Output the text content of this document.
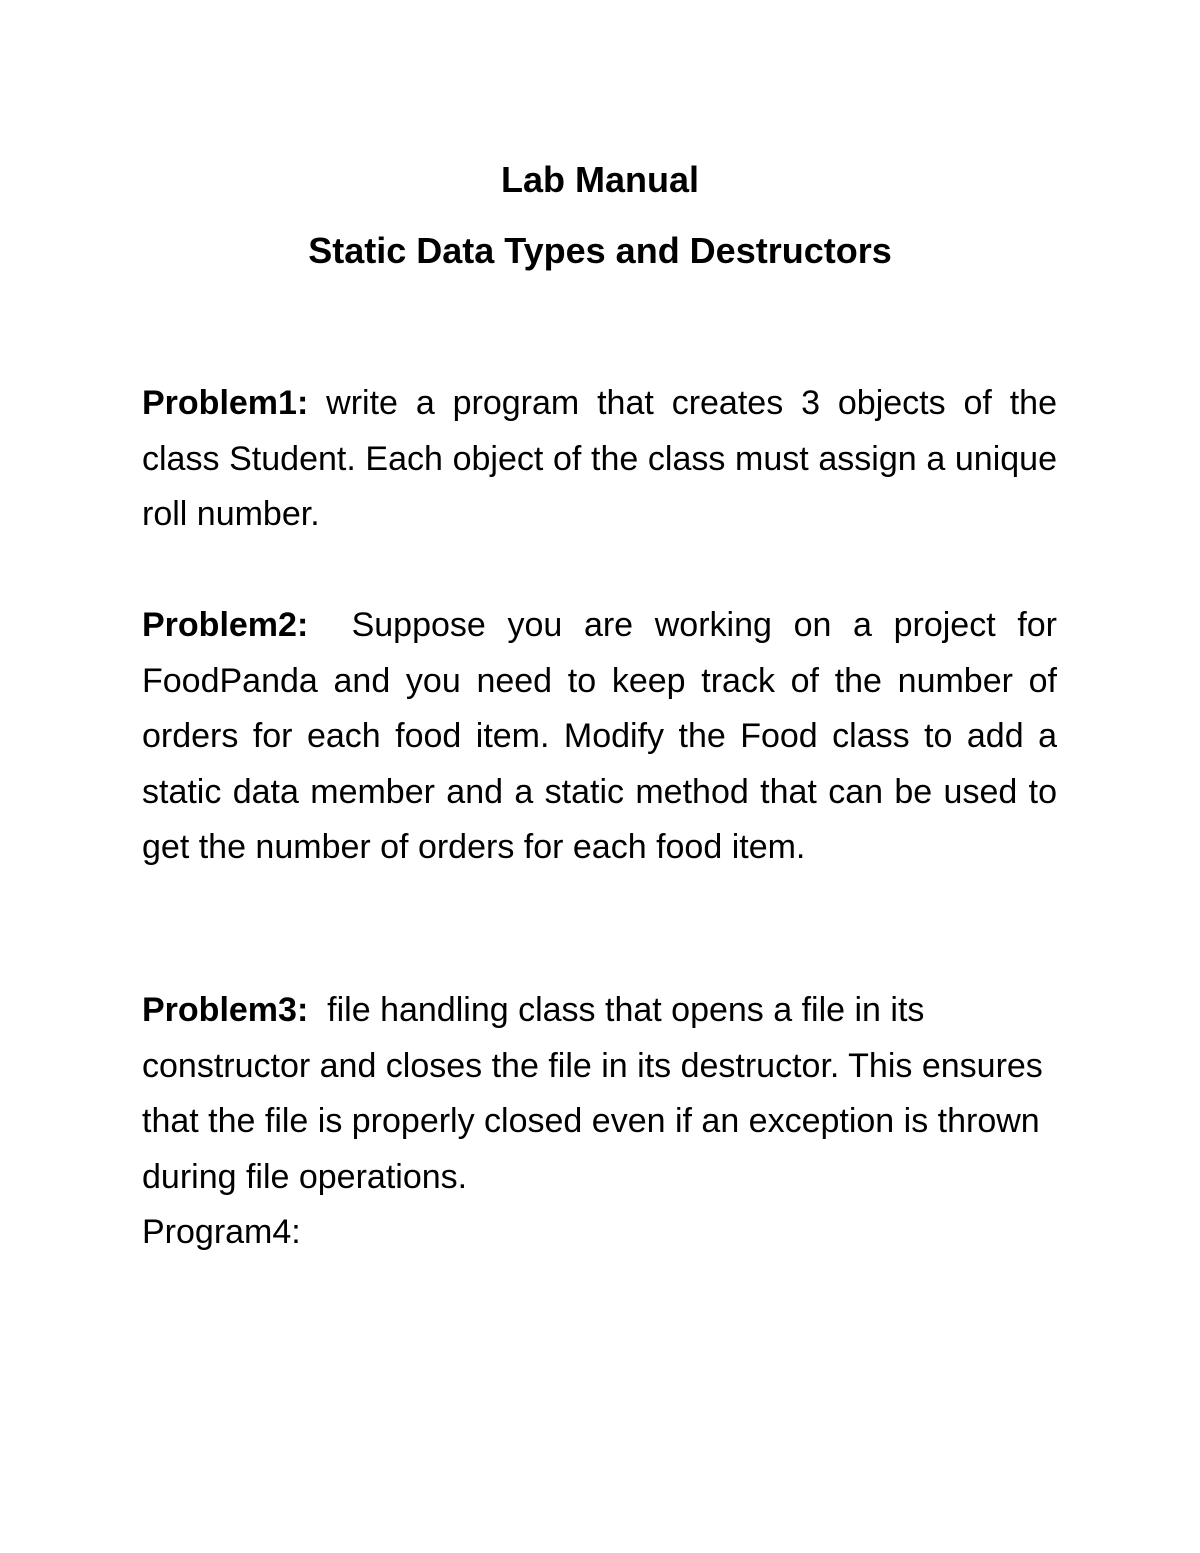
Lab Manual
Static Data Types and Destructors

Problem1: write a program that creates 3 objects of the class Student. Each object of the class must assign a unique roll number.

Problem2: Suppose you are working on a project for FoodPanda and you need to keep track of the number of orders for each food item. Modify the Food class to add a static data member and a static method that can be used to get the number of orders for each food item.

Problem3: file handling class that opens a file in its constructor and closes the file in its destructor. This ensures that the file is properly closed even if an exception is thrown during file operations.

Program4:
